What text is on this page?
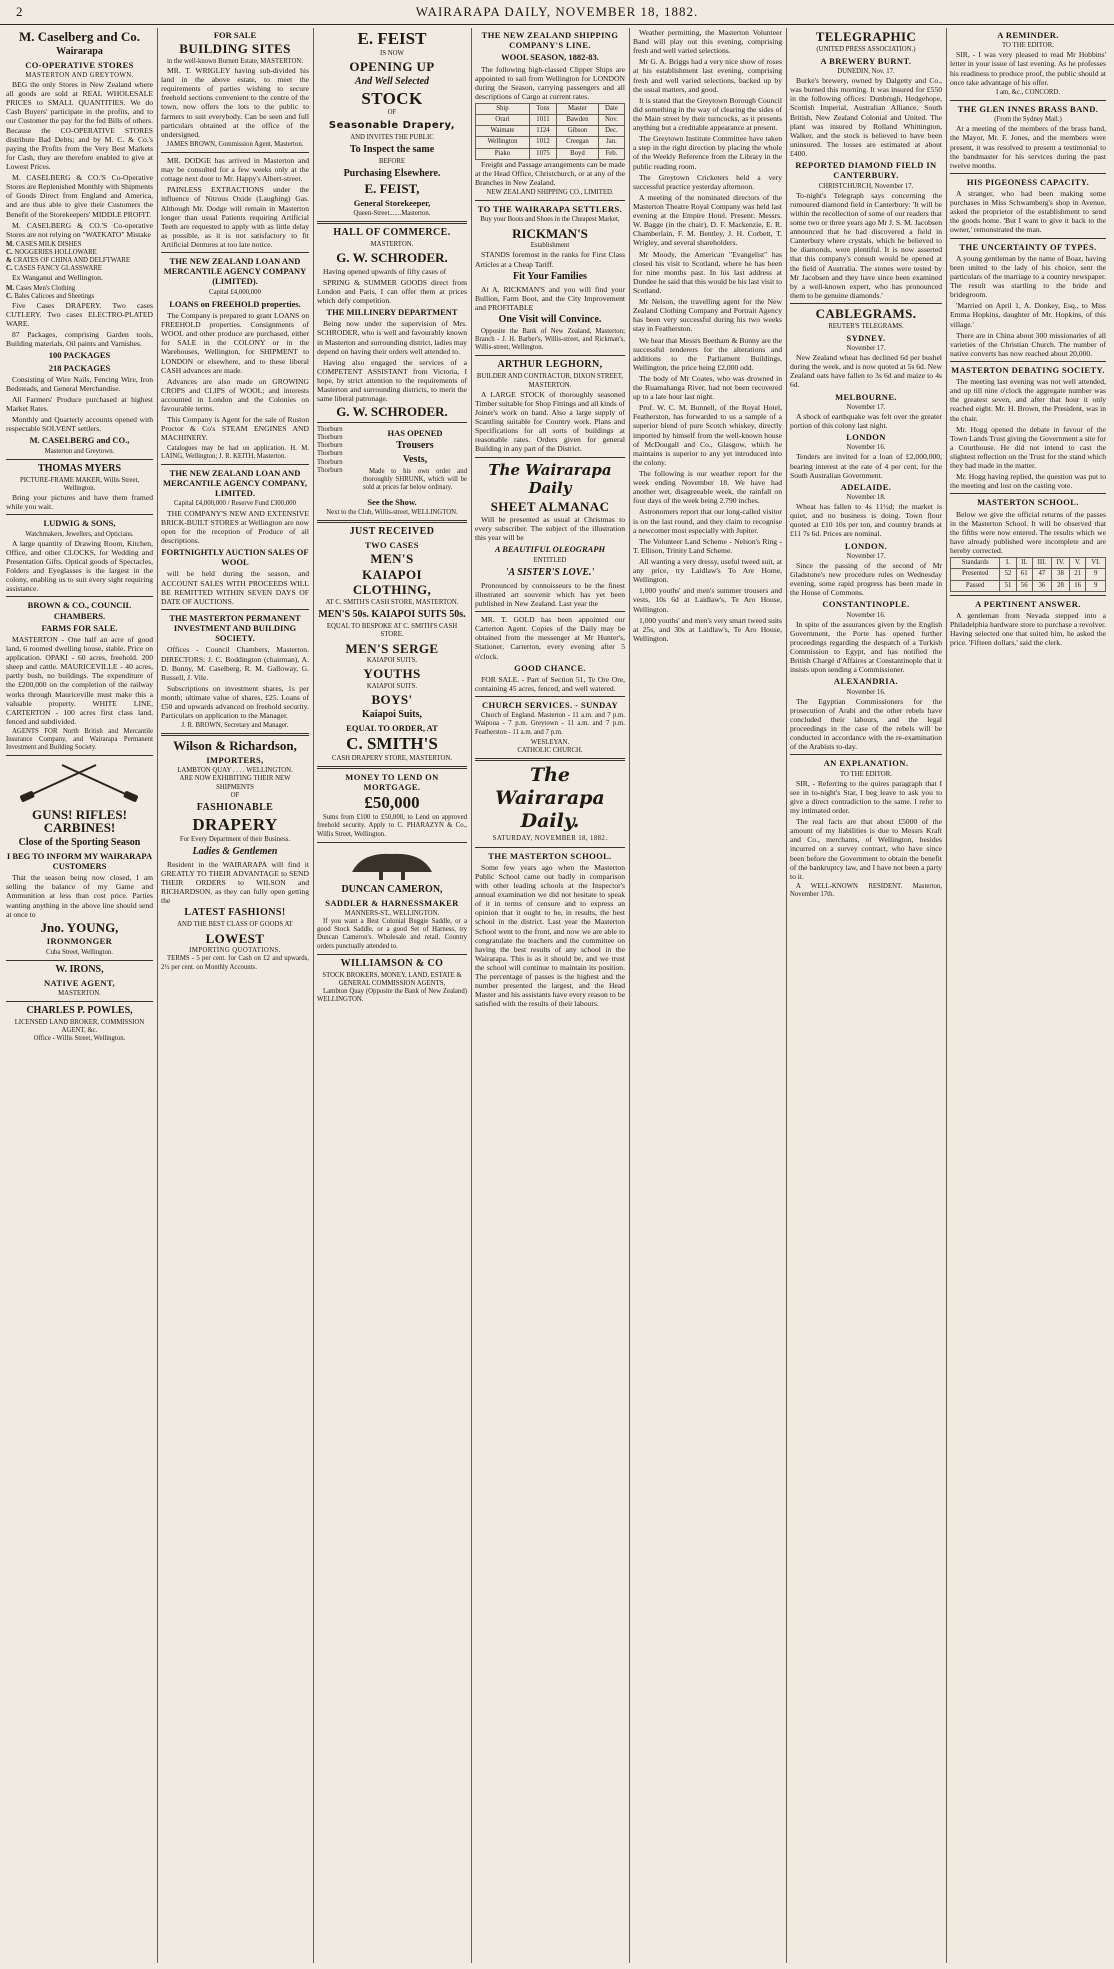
2	WAIRARAPA DAILY, NOVEMBER 18, 1882.
M. Caselberg and Co.
Wairarapa
CO-OPERATIVE STORES
MASTERTON AND GREYTOWN.

BEG the only Stores in New Zealand where all goods are sold at REAL WHOLESALE PRICES to SMALL QUANTITIES. We do Cash Buyers' participate in the profits, and to our Customer the pay for the fed Bills of others. Because the CO-OPERATIVE STORES distribute Bad Debts; and by M. C. & Co.'s paying the Profits from the Very Best Markets for Cash, they are therefore enabled to give at Lowest Prices.

M. CASELBERG & CO.'S Co-Operative Stores are Replenished Monthly with Shipments of Goods Direct from England and America, and are thus able to give their Customers the Benefit of the Storekeepers' MIDDLE PROFIT.

M. CASELBERG & CO.'S Co-operative Stores are not relying on "WATKATO" Mistake

M. CASES MILK DISHES
C. NOGGERIES HOLLOWARE
& CRATES OF CHINA AND DELFTWARE
C. CASES FANCY GLASSWARE

Ex Wanganui and Wellington.

M. Cases Men's Clothing
C. Bales Calicoes and Sheetings

Five Cases DRAPERY. Two cases CUTLERY. Two cases ELECTRO-PLATED WARE.

87 Packages, comprising Garden tools, Building materials, Oil paints and Varnishes.

100 PACKAGES
218 PACKAGES

Consisting of Wire Nails, Fencing Wire, Iron Bedsteads, and General Merchandise.

All Farmers' Produce purchased at highest Market Rates.

Monthly and Quarterly accounts opened with respectable SOLVENT settlers.

M. CASELBERG and CO.,
Masterton and Greytown.
THOMAS MYERS
PICTURE-FRAME MAKER, Willis Street, Wellington.

Bring your pictures and have them framed while you wait.

LUDWIG & SONS,
Watchmakers, Jewellers, and Opticians.

A large quantity of Drawing Room, Kitchen, Office, and other CLOCKS, for Wedding and Presentation Gifts. Optical goods of Spectacles, Folders and Eyeglasses is the largest in the colony, enabling us to suit every sight requiring assistance.

BROWN & CO., COUNCIL CHAMBERS.
FARMS FOR SALE.

MASTERTON - One half an acre of good land, 6 roomed dwelling house, stable. Price on application. OPAKI - 60 acres, freehold. 200 sheep and cattle. MAURICEVILLE - 40 acres, partly bush, no buildings. The expenditure of the £200,000 on the completion of the railway works through Mauriceville must make this a valuable property. WHITE LINE, CARTERTON - 100 acres first class land, fenced and subdivided.

AGENTS FOR North British and Mercantile Insurance Company, and Wairarapa Permanent Investment and Building Society.

GUNS! RIFLES! CARBINES!
Close of the Sporting Season
I BEG TO INFORM MY WAIRARAPA CUSTOMERS

That the season being now closed, I am selling the balance of my Game and Ammunition at less than cost price. Parties wanting anything in the above line should send at once to

Jno. YOUNG,
IRONMONGER
Cuba Street, Wellington.
W. IRONS,
NATIVE AGENT,
MASTERTON.
CHARLES P. POWLES,
LICENSED LAND BROKER, COMMISSION AGENT, &c.
Office - Willis Street, Wellington.
FOR SALE
BUILDING SITES
in the well-known Burnett Estate, MASTERTON.

MR. T. WRIGLEY having sub-divided his land in the above estate, to meet the requirements of parties wishing to secure freehold sections convenient to the centre of the town, now offers the lots to the public to farmers to suit everybody. Can be seen and full particulars obtained at the office of the undersigned.

JAMES BROWN, Commission Agent, Masterton.

MR. DODGE has arrived in Masterton and may be consulted for a few weeks only at the cottage next door to Mr. Happy's Albert-street.

PAINLESS EXTRACTIONS under the influence of Nitrous Oxide (Laughing) Gas. Although Mr. Dodge will remain in Masterton longer than usual Patients requiring Artificial Teeth are requested to apply with as little delay as possible, as it is not satisfactory to fit Artificial Dentures at too late notice.

THE NEW ZEALAND LOAN AND MERCANTILE AGENCY COMPANY (LIMITED).
Capital £4,000,000
LOANS on FREEHOLD properties.

The Company is prepared to grant LOANS on FREEHOLD properties. Consignments of WOOL and other produce are purchased, either for SALE in the COLONY or in the Warehouses, Wellington, for SHIPMENT to LONDON or elsewhere, and to these liberal CASH advances are made.

Advances are also made on GROWING CROPS and CLIPS of WOOL; and interests accounted in London and the Colonies on favourable terms.

This Company is Agent for the sale of Ruston Proctor & Co's STEAM ENGINES AND MACHINERY.

Catalogues may be had on application. H. M. LAING, Wellington; J. R. KEITH, Masterton.

THE NEW ZEALAND LOAN AND MERCANTILE AGENCY COMPANY, LIMITED.
Capital £4,000,000 / Reserve Fund £300,000

THE COMPANY'S NEW AND EXTENSIVE BRICK-BUILT STORES at Wellington are now open for the reception of Produce of all descriptions.

FORTNIGHTLY AUCTION SALES OF WOOL

will be held during the season, and ACCOUNT SALES WITH PROCEEDS WILL BE REMITTED WITHIN SEVEN DAYS OF DATE OF AUCTIONS.

THE MASTERTON PERMANENT INVESTMENT AND BUILDING SOCIETY.

Offices - Council Chambers, Masterton. DIRECTORS: J. C. Boddington (chairman), A. D. Bunny, M. Caselberg, R. M. Galloway, G. Russell, J. Vile.

Subscriptions on investment shares, 1s per month; ultimate value of shares, £25. Loans of £50 and upwards advanced on freehold security. Particulars on application to the Manager.

J. R. BROWN, Secretary and Manager.
Wilson & Richardson,
IMPORTERS,
LAMBTON QUAY . . . . WELLINGTON.
ARE NOW EXHIBITING THEIR NEW SHIPMENTS
OF
FASHIONABLE
DRAPERY
For Every Department of their Business.
Ladies & Gentlemen

Resident in the WAIRARAPA will find it GREATLY TO THEIR ADVANTAGE to SEND THEIR ORDERS to WILSON and RICHARDSON, as they can fully open getting the

LATEST FASHIONS!
AND THE BEST CLASS OF GOODS AT
LOWEST
IMPORTING QUOTATIONS.

TERMS - 5 per cent. for Cash on £2 and upwards, 2½ per cent. on Monthly Accounts.

E. FEIST
IS NOW
OPENING UP
And Well Selected
STOCK
OF
Seasonable Drapery,
AND INVITES THE PUBLIC
To Inspect the same
BEFORE
Purchasing Elsewhere.
E. FEIST,
General Storekeeper,
Queen-Street.......Masterton.
HALL OF COMMERCE.
MASTERTON.
G. W. SCHRODER.

Having opened upwards of fifty cases of

SPRING & SUMMER GOODS direct from London and Paris, I can offer them at prices which defy competition.

THE MILLINERY DEPARTMENT

Being now under the supervision of Mrs. SCHRODER, who is well and favourably known in Masterton and surrounding district, ladies may depend on having their orders well attended to.

Having also engaged the services of a COMPETENT ASSISTANT from Victoria, I hope, by strict attention to the requirements of Masterton and surrounding districts, to merit the same liberal patronage.

G. W. SCHRODER.
Thorburn
Thorburn
Thorburn
Thorburn
Thorburn
Thorburn
HAS OPENED
Trousers
Vests,

Made to his own order and thoroughly SHRUNK, which will be sold at prices far below ordinary.

See the Show.
Next to the Club, Willis-street, WELLINGTON.
JUST RECEIVED
TWO CASES
MEN'S
KAIAPOI
CLOTHING,
AT C. SMITH'S CASH STORE, MASTERTON.
MEN'S 50s. KAIAPOI SUITS 50s.
EQUAL TO BESPOKE AT C. SMITH'S CASH STORE.
MEN'S SERGE
KAIAPOI SUITS.
YOUTHS
KAIAPOI SUITS.
BOYS'
Kaiapoi Suits,
EQUAL TO ORDER, AT
C. SMITH'S
CASH DRAPERY STORE, MASTERTON.
MONEY TO LEND ON MORTGAGE.
£50,000

Sums from £100 to £50,000, to Lend on approved freehold security. Apply to C. PHARAZYN & Co., Willis Street, Wellington.

DUNCAN CAMERON,
SADDLER & HARNESSMAKER
MANNERS-ST., WELLINGTON.

If you want a Best Colonial Buggie Saddle, or a good Stock Saddle, or a good Set of Harness, try Duncan Cameron's. Wholesale and retail. Country orders punctually attended to.

WILLIAMSON & CO
STOCK BROKERS, MONEY, LAND, ESTATE & GENERAL COMMISSION AGENTS,

Lambton Quay (Opposite the Bank of New Zealand) WELLINGTON.

THE NEW ZEALAND SHIPPING COMPANY'S LINE.
WOOL SEASON, 1882-83.

The following high-classed Clipper Ships are appointed to sail from Wellington for LONDON during the Season, carrying passengers and all descriptions of Cargo at current rates.

Ship	Tons	Master	Date
Orari	1011	Bawden	Nov.
Waimate	1124	Gibson	Dec.
Wellington	1012	Creegan	Jan.
Piako	1075	Boyd	Feb.

Freight and Passage arrangements can be made at the Head Office, Christchurch, or at any of the Branches in New Zealand.

NEW ZEALAND SHIPPING CO., LIMITED.
TO THE WAIRARAPA SETTLERS.
Buy your Boots and Shoes in the Cheapest Market,
RICKMAN'S
Establishment

STANDS foremost in the ranks for First Class Articles at a Cheap Tariff.

Fit Your Families

At A. RICKMAN'S and you will find your Bullion, Farm Boot, and the City Improvement and PROFITABLE

One Visit will Convince.

Opposite the Bank of New Zealand, Masterton; Branch - J. H. Barber's, Willis-street, and Rickman's, Willis-street, Wellington.

ARTHUR LEGHORN,
BUILDER AND CONTRACTOR, DIXON STREET, MASTERTON.

A LARGE STOCK of thoroughly seasoned Timber suitable for Shop Fittings and all kinds of Joiner's work on hand. Also a large supply of Scantling suitable for Country work. Plans and Specifications for all sorts of buildings at reasonable rates. Orders given for general Building in any part of the District.

The Wairarapa Daily
SHEET ALMANAC

Will be presented as usual at Christmas to every subscriber. The subject of the illustration this year will be

A BEAUTIFUL OLEOGRAPH
ENTITLED
'A SISTER'S LOVE.'

Pronounced by connoisseurs to be the finest illustrated art souvenir which has yet been published in New Zealand. Last year the

MR. T. GOLD has been appointed our Carterton Agent. Copies of the Daily may be obtained from the messenger at Mr Hunter's, Stationer, Carterton, every evening after 5 o'clock.

GOOD CHANCE.

FOR SALE. - Part of Section 51, Te Ore Ore, containing 45 acres, fenced, and well watered.

CHURCH SERVICES. - SUNDAY

Church of England. Masterton - 11 a.m. and 7 p.m. Waipoua - 7 p.m. Greytown - 11 a.m. and 7 p.m. Featherston - 11 a.m. and 7 p.m.

WESLEYAN.
CATHOLIC CHURCH.
The Wairarapa Daily.
SATURDAY, NOVEMBER 18, 1882.
THE MASTERTON SCHOOL.

Some few years ago when the Masterton Public School came out badly in comparison with other leading schools at the Inspector's annual examination we did not hesitate to speak of it in terms of censure and to express an opinion that it ought to be, in results, the best school in the district. Last year the Masterton School went to the front, and now we are able to congratulate the teachers and the committee on having the best results of any school in the Wairarapa. This is as it should be, and we trust the school will continue to maintain its position. The percentage of passes is the highest and the number presented the largest, and the Head Master and his assistants have every reason to be satisfied with the results of their labours.

Weather permitting, the Masterton Volunteer Band will play out this evening, comprising fresh and well varied selections.

Mr G. A. Briggs had a very nice show of roses at his establishment last evening, comprising fresh and well varied selections, backed up by the usual matters, and good.

It is stated that the Greytown Borough Council did something in the way of clearing the sides of the Main street by their turncocks, as it presents anything but a creditable appearance at present.

The Greytown Institute Committee have taken a step in the right direction by placing the whole of the Weekly Reference from the Library in the public reading room.

The Greytown Cricketers held a very successful practice yesterday afternoon.

A meeting of the nominated directors of the Masterton Theatre Royal Company was held last evening at the Empire Hotel. Present: Messrs. W. Bagge (in the chair), D. F. Mackenzie, E. R. Chamberlain, F. M. Bentley, J. H. Corbett, T. Wrigley, and several shareholders.

Mr Moody, the American "Evangelist" has closed his visit to Scotland, where he has been for nine months past. In his last address at Dundee he said that this would be his last visit to Scotland.

Mr Nelson, the travelling agent for the New Zealand Clothing Company and Portrait Agency has been very successful during his two weeks stay in Featherston.

We hear that Messrs Beetham & Bunny are the successful tenderers for the alterations and additions to the Parliament Buildings, Wellington, the price being £2,000 odd.

The body of Mr Coates, who was drowned in the Ruamahanga River, had not been recovered up to a late hour last night.

Prof. W. C. M. Bunnell, of the Royal Hotel, Featherston, has forwarded to us a sample of a superior blend of pure Scotch whiskey, directly imported by himself from the well-known house of McDougall and Co., Glasgow, which he maintains is superior to any yet introduced into the colony.

The following is our weather report for the week ending November 18. We have had another wet, disagreeable week, the rainfall on four days of the week being 2.790 inches.

Astronomers report that our long-called visitor is on the last round, and they claim to recognise a newcomer most especially with Jupiter.

The Volunteer Land Scheme - Nelson's Ring - T. Ellison, Trinity Land Scheme.

All wanting a very dressy, useful tweed suit, at any price, try Laidlaw's To Are Home, Wellington.

1,000 youths' and men's summer trousers and vests, 10s 6d at Laidlaw's, Te Aro House, Wellington.

1,000 youths' and men's very smart tweed suits at 25s, and 30s at Laidlaw's, Te Aro House, Wellington.

TELEGRAPHIC
(UNITED PRESS ASSOCIATION.)
A BREWERY BURNT.
DUNEDIN, Nov. 17.

Burke's brewery, owned by Dalgetty and Co., was burned this morning. It was insured for £550 in the following offices: Dunbrugh, Hedgehope, Scottish Imperial, Australian Alliance, South British, New Zealand Colonial and United. The plant was insured by Rolland Whittington, Walker, and the stock is believed to have been uninsured. The losses are estimated at about £400.

REPORTED DIAMOND FIELD IN CANTERBURY.
CHRISTCHURCH, November 17.

To-night's Telegraph says concerning the rumoured diamond field in Canterbury: 'It will be within the recollection of some of our readers that some two or three years ago Mr J. S. M. Jacobsen announced that he had discovered a field in Canterbury where crystals, which he believed to be diamonds, were plentiful. It is now asserted that this company's consult would be opened at the field of Australia. The stones were tested by Mr Jacobsen and they have since been examined by a well-known expert, who has pronounced them to be genuine diamonds.'

CABLEGRAMS.
REUTER'S TELEGRAMS.
SYDNEY.
November 17.

New Zealand wheat has declined 6d per bushel during the week, and is now quoted at 5s 6d. New Zealand oats have fallen to 3s 6d and maize to 4s 6d.

MELBOURNE.
November 17.

A shock of earthquake was felt over the greater portion of this colony last night.

LONDON
November 16.

Tenders are invited for a loan of £2,000,000, bearing interest at the rate of 4 per cent, for the South Australian Government.

ADELAIDE.
November 18.

Wheat has fallen to 4s 11½d; the market is quiet, and no business is doing. Town flour quoted at £10 10s per ton, and country brands at £11 7s 6d. Prices are nominal.

LONDON.
November 17.

Since the passing of the second of Mr Gladstone's new procedure rules on Wednesday evening, some rapid progress has been made in the House of Commons.

CONSTANTINOPLE.
November 16.

In spite of the assurances given by the English Government, the Porte has opened further proceedings regarding the despatch of a Turkish Commission to Egypt, and has notified the British Chargé d'Affaires at Constantinople that it insists upon sending a Commissioner.

ALEXANDRIA.
November 16.

The Egyptian Commissioners for the prosecution of Arabi and the other rebels have concluded their labours, and the legal proceedings in the case of the rebels will be conducted in accordance with the re-examination of the Arabists to-day.

AN EXPLANATION.
TO THE EDITOR.

SIR, - Referring to the quires paragraph that I see in to-night's Star, I beg leave to ask you to give a direct contradiction to the same. I refer to my intimated order.

The real facts are that about £5000 of the amount of my liabilities is due to Messrs Kraft and Co., merchants, of Wellington, besides incurred on a survey contract, who have since been before the Government to obtain the benefit of the bankruptcy law, and I have not been a party to it.

A WELL-KNOWN RESIDENT. Masterton, November 17th.

A REMINDER.
TO THE EDITOR.

SIR, - I was very pleased to read Mr Hobbins' letter in your issue of last evening. As he professes his readiness to produce proof, the public should at once take advantage of his offer.

I am, &c., CONCORD.
THE GLEN INNES BRASS BAND.
(From the Sydney Mail.)

At a meeting of the members of the brass band, the Mayor, Mr. F. Jones, and the members were present, it was resolved to present a testimonial to the bandmaster for his services during the past twelve months.

HIS PIGEONESS CAPACITY.

A stranger, who had been making some purchases in Miss Schwamberg's shop in Avenue, asked the proprietor of the establishment to send the goods home. 'But I want to give it back to the owner,' remonstrated the man.

THE UNCERTAINTY OF TYPES.

A young gentleman by the name of Boaz, having been united to the lady of his choice, sent the particulars of the marriage to a country newspaper. The result was startling to the bride and bridegroom.

'Married on April 1, A. Donkey, Esq., to Miss Emma Hopkins, daughter of Mr. Hopkins, of this village.'

There are in China about 300 missionaries of all varieties of the Christian Church. The number of native converts has now reached about 20,000.

MASTERTON DEBATING SOCIETY.

The meeting last evening was not well attended, and up till nine o'clock the aggregate number was the greatest seven, and after that hour it only reached eight. Mr. H. Brown, the President, was in the chair.

Mr. Hogg opened the debate in favour of the Town Lands Trust giving the Government a site for a Courthouse. He did not intend to cast the slightest reflection on the Trust for the stand which they had made in the matter.

Mr. Hogg having replied, the question was put to the meeting and lost on the casting vote.

MASTERTON SCHOOL.

Below we give the official returns of the passes in the Masterton School. It will be observed that the fifths were now entered. The results which we have already published were incomplete and are hereby corrected.

Standards	I.	II.	III.	IV.	V.	VI.
Presented	52	61	47	38	21	9
Passed	51	56	36	28	16	9
A PERTINENT ANSWER.

A gentleman from Nevada stepped into a Philadelphia hardware store to purchase a revolver. Having selected one that suited him, he asked the price. 'Fifteen dollars,' said the clerk.
